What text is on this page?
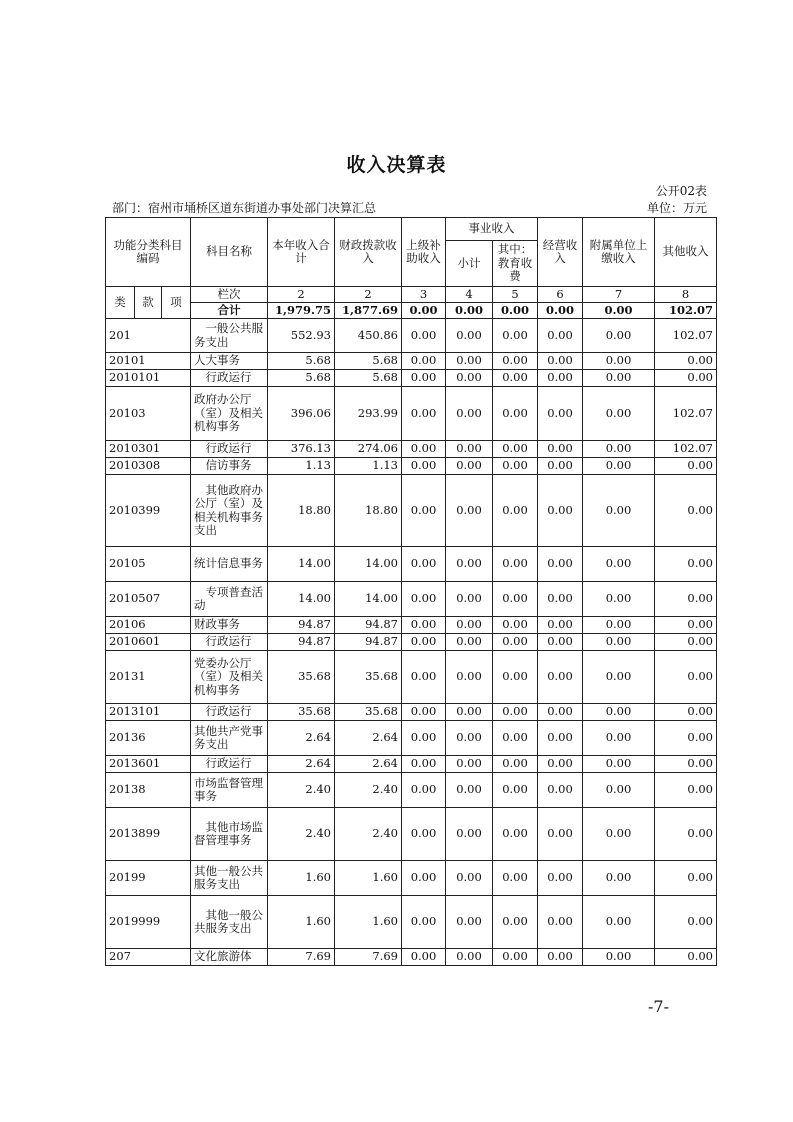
收入决算表
公开02表
部门：宿州市埇桥区道东街道办事处部门决算汇总	单位：万元
功能分类科目编码			科目名称	本年收入合计	财政拨款收入	上级补助收入	事业收入		经营收入	附属单位上缴收入	其他收入
							小计	其中：教育收费			

类	款	项	栏次	2	2	3	4	5	6	7	8
			合计	1,979.75	1,877.69	0.00	0.00	0.00	0.00	0.00	102.07
201			一般公共服务支出	552.93	450.86	0.00	0.00	0.00	0.00	0.00	102.07
20101			人大事务	5.68	5.68	0.00	0.00	0.00	0.00	0.00	0.00
2010101			行政运行	5.68	5.68	0.00	0.00	0.00	0.00	0.00	0.00
20103			政府办公厅（室）及相关机构事务	396.06	293.99	0.00	0.00	0.00	0.00	0.00	102.07
2010301			行政运行	376.13	274.06	0.00	0.00	0.00	0.00	0.00	102.07
2010308			信访事务	1.13	1.13	0.00	0.00	0.00	0.00	0.00	0.00
2010399			其他政府办公厅（室）及相关机构事务支出	18.80	18.80	0.00	0.00	0.00	0.00	0.00	0.00
20105			统计信息事务	14.00	14.00	0.00	0.00	0.00	0.00	0.00	0.00
2010507			专项普查活动	14.00	14.00	0.00	0.00	0.00	0.00	0.00	0.00
20106			财政事务	94.87	94.87	0.00	0.00	0.00	0.00	0.00	0.00
2010601			行政运行	94.87	94.87	0.00	0.00	0.00	0.00	0.00	0.00
20131			党委办公厅（室）及相关机构事务	35.68	35.68	0.00	0.00	0.00	0.00	0.00	0.00
2013101			行政运行	35.68	35.68	0.00	0.00	0.00	0.00	0.00	0.00
20136			其他共产党事务支出	2.64	2.64	0.00	0.00	0.00	0.00	0.00	0.00
2013601			行政运行	2.64	2.64	0.00	0.00	0.00	0.00	0.00	0.00
20138			市场监督管理事务	2.40	2.40	0.00	0.00	0.00	0.00	0.00	0.00
2013899			其他市场监督管理事务	2.40	2.40	0.00	0.00	0.00	0.00	0.00	0.00
20199			其他一般公共服务支出	1.60	1.60	0.00	0.00	0.00	0.00	0.00	0.00
2019999			其他一般公共服务支出	1.60	1.60	0.00	0.00	0.00	0.00	0.00	0.00
207			文化旅游体	7.69	7.69	0.00	0.00	0.00	0.00	0.00	0.00
-7-
